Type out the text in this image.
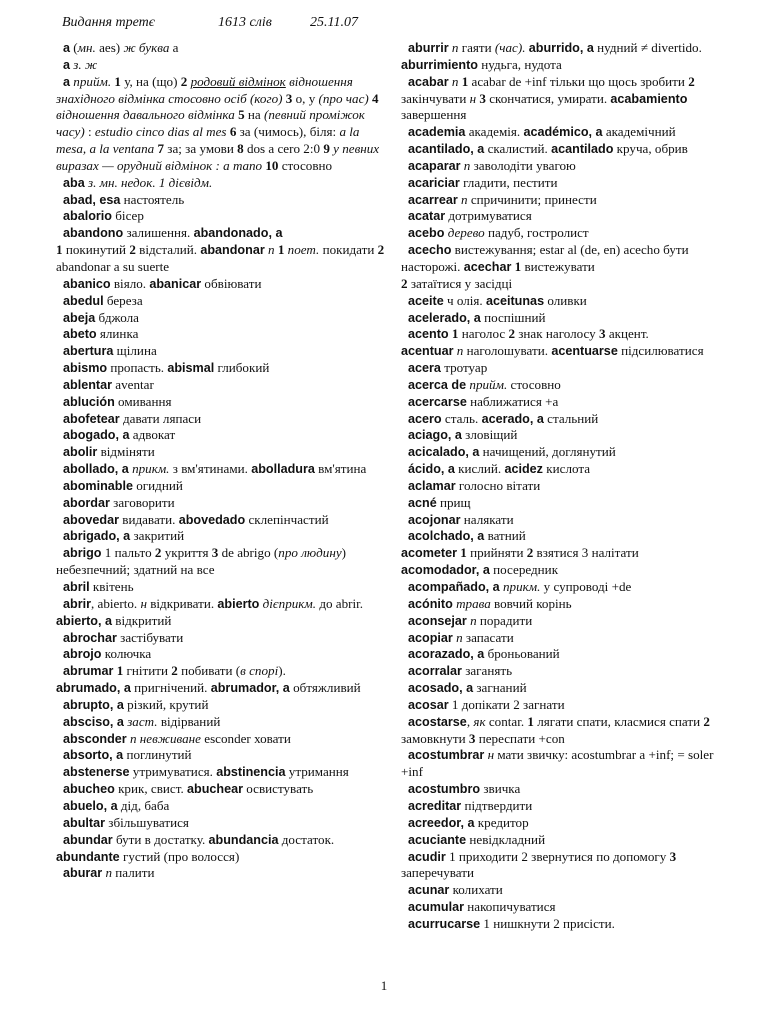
Видання третє	1613 слів	25.11.07

a (мн. aes) ж буква а

a з. ж

a прийм. 1 у, на (що) 2 родовий відмінок відношення знахідного відмінка стосовно осіб (кого) 3 о, у (про час) 4 відношення давального відмінка 5 на (певний проміжок часу) : estudio cinco dias al mes 6 за (чимось), біля: a la mesa, a la ventana 7 за; за умови 8 dos a cero 2:0 9 у певних виразах — орудний відмінок : a mano 10 стосовно

aba з. мн. недок. 1 дієвідм.

abad, esa настоятель

abalorio бісер

abandono залишення. abandonado, a
1 покинутий 2 відсталий. abandonar п 1 поет. покидати 2 abandonar a su suerte

abanico віяло. abanicar обвіювати

abedul береза

abeja бджола

abeto ялинка

abertura щілина

abismo пропасть. abismal глибокий

ablentar aventar

ablución омивання

abofetear давати ляпаси

abogado, a адвокат

abolir відміняти

abollado, a прикм. з вм'ятинами. abolladura вм'ятина

abominable огидний

abordar заговорити

abovedar видавати. abovedado склепінчастий

abrigado, a закритий

abrigo 1 пальто 2 укриття 3 de abrigo (про людину) небезпечний; здатний на все

abril квітень

abrir, abierto. н відкривати. abierto дієприкм. до abrir. abierto, a відкритий

abrochar застібувати

abrojo колючка

abrumar 1 гнітити 2 побивати (в спорі).
abrumado, a пригнічений. abrumador, a обтяжливий

abrupto, a різкий, крутий

absciso, a заст. відірваний

absconder п невживане esconder ховати

absorto, a поглинутий

abstenerse утримуватися. abstinencia утримання

abucheo крик, свист. abuchear освистувать

abuelo, a дід, баба

abultar збільшуватися

abundar бути в достатку. abundancia достаток. abundante густий (про волосся)

aburar п палити

aburrir п гаяти (час). aburrido, a нудний ≠ divertido. aburrimiento нудьга, нудота

acabar п 1 acabar de +inf тільки що щось зробити 2 закінчувати н 3 скончатися, умирати. acabamiento завершення

academia академія. académico, a академічний

acantilado, a скалистий. acantilado круча, обрив

acaparar п заволодіти увагою

acariciar гладити, пестити

acarrear п спричинити; принести

acatar дотримуватися

acebo дерево падуб, гостролист

acecho вистежування; estar al (de, en) acecho бути насторожі. acechar 1 вистежувати
2 затаїтися у засідці

aceite ч олія. aceitunas оливки

acelerado, a поспішний

acento 1 наголос 2 знак наголосу 3 акцент.
acentuar п наголошувати. acentuarse підсилюватися

acera тротуар

acerca de прийм. стосовно

acercarse наближатися +a

acero сталь. acerado, a стальний

aciago, a зловіщий

acicalado, a начищений, доглянутий

ácido, a кислий. acidez кислота

aclamar голосно вітати

acné прищ

acojonar налякати

acolchado, a ватний

acometer 1 прийняти 2 взятися 3 налітати

acomodador, a посередник

acompañado, a прикм. у супроводі +de

acónito трава вовчий корінь

aconsejar п порадити

acopiar п запасати

acorazado, a броньований

acorralar заганять

acosado, a загнаний

acosar 1 допікати 2 загнати

acostarse, як contar. 1 лягати спати, класмися спати 2 замовкнути 3 переспати +con

acostumbrar н мати звичку: acostumbrar a +inf; = soler +inf

acostumbro звичка

acreditar підтвердити

acreedor, a кредитор

acuciante невідкладний

acudir 1 приходити 2 звернутися по допомогу 3 заперечувати

acunar колихати

acumular накопичуватися

acurrucarse 1 нишкнути 2 присісти.

1
